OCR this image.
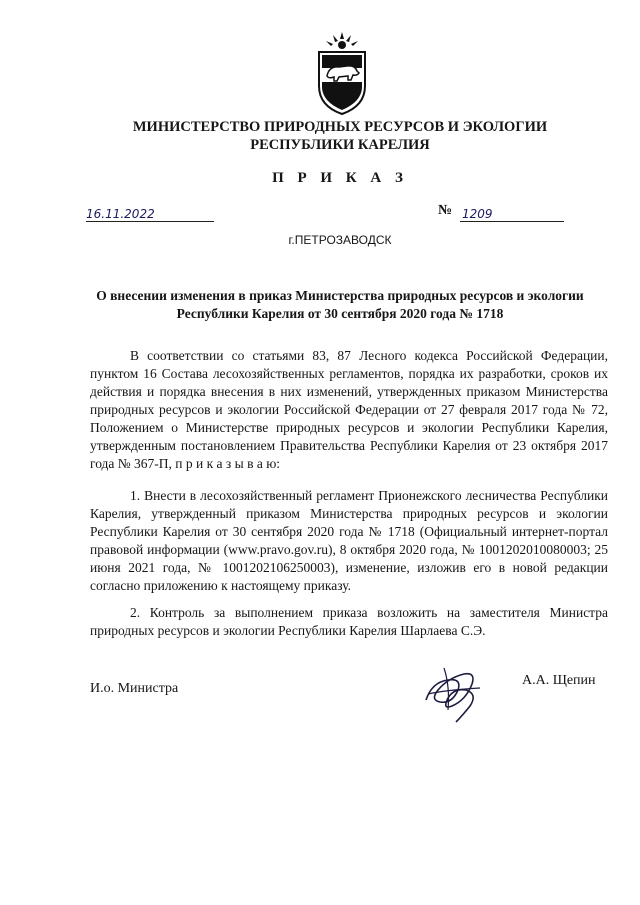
МИНИСТЕРСТВО ПРИРОДНЫХ РЕСУРСОВ И ЭКОЛОГИИ
РЕСПУБЛИКИ КАРЕЛИЯ
П Р И К А З
16.11.2022	№ 1209
г.ПЕТРОЗАВОДСК
О внесении изменения в приказ Министерства природных ресурсов и экологии Республики Карелия от 30 сентября 2020 года № 1718

В соответствии со статьями 83, 87 Лесного кодекса Российской Федерации, пунктом 16 Состава лесохозяйственных регламентов, порядка их разработки, сроков их действия и порядка внесения в них изменений, утвержденных приказом Министерства природных ресурсов и экологии Российской Федерации от 27 февраля 2017 года № 72, Положением о Министерстве природных ресурсов и экологии Республики Карелия, утвержденным постановлением Правительства Республики Карелия от 23 октября 2017 года № 367-П, п р и к а з ы в а ю:

1. Внести в лесохозяйственный регламент Прионежского лесничества Республики Карелия, утвержденный приказом Министерства природных ресурсов и экологии Республики Карелия от 30 сентября 2020 года № 1718 (Официальный интернет-портал правовой информации (www.pravo.gov.ru), 8 октября 2020 года, № 1001202010080003; 25 июня 2021 года, № 1001202106250003), изменение, изложив его в новой редакции согласно приложению к настоящему приказу.

2. Контроль за выполнением приказа возложить на заместителя Министра природных ресурсов и экологии Республики Карелия Шарлаева С.Э.

И.о. Министра
А.А. Щепин
